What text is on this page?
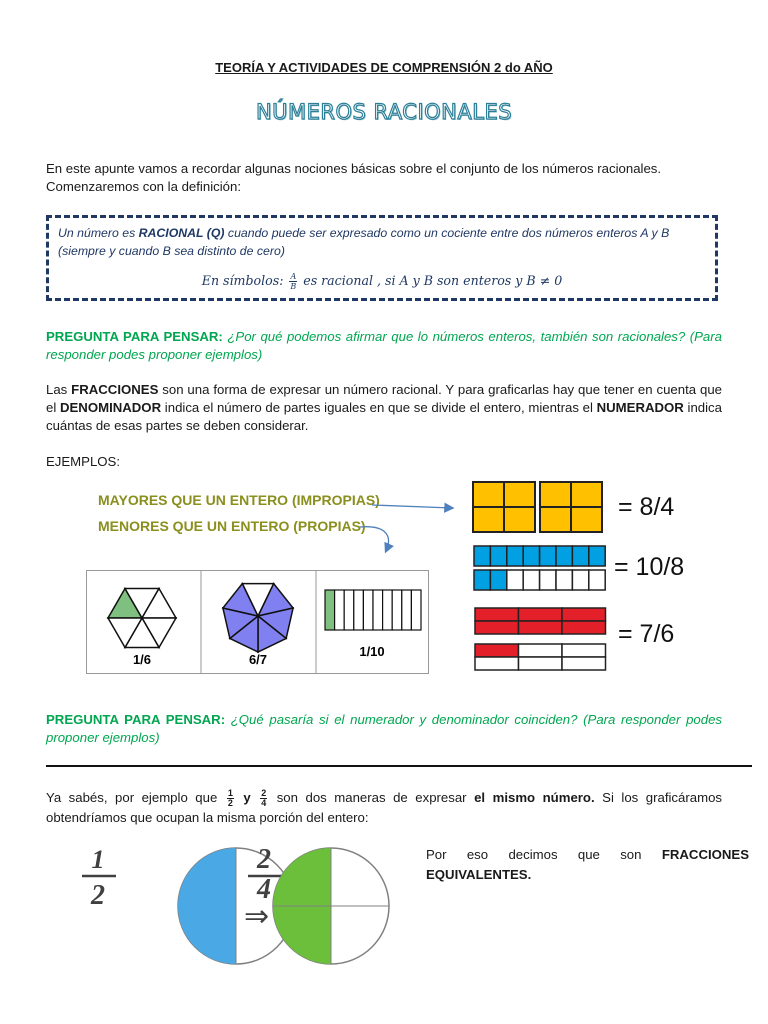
TEORÍA Y ACTIVIDADES DE COMPRENSIÓN 2 do AÑO
NÚMEROS RACIONALES
En este apunte vamos a recordar algunas nociones básicas sobre el conjunto de los números racionales.
Comenzaremos con la definición:
Un número es RACIONAL (Q) cuando puede ser expresado como un cociente entre dos números enteros A y B
(siempre y cuando B sea distinto de cero)
En símbolos: $\frac{A}{B}$ es racional , si A y B son enteros y B ≠ 0
PREGUNTA PARA PENSAR: ¿Por qué podemos afirmar que lo números enteros, también son racionales? (Para responder podes proponer ejemplos)
Las FRACCIONES son una forma de expresar un número racional. Y para graficarlas hay que tener en cuenta que el DENOMINADOR indica el número de partes iguales en que se divide el entero, mientras el NUMERADOR indica cuántas de esas partes se deben considerar.
EJEMPLOS:
MAYORES QUE UN ENTERO (IMPROPIAS)
MENORES QUE UN ENTERO (PROPIAS)
1/6	6/7
1/10
= 8/4
= 10/8
= 7/6
PREGUNTA PARA PENSAR: ¿Qué pasaría si el numerador y denominador coinciden? (Para responder podes proponer ejemplos)
Ya sabés, por ejemplo que $\frac{1}{2}$ y $\frac{2}{4}$ son dos maneras de expresar el mismo número. Si los graficáramos obtendríamos que ocupan la misma porción del entero:
1
2
2
4
⇒
Por eso decimos que son FRACCIONES EQUIVALENTES.
